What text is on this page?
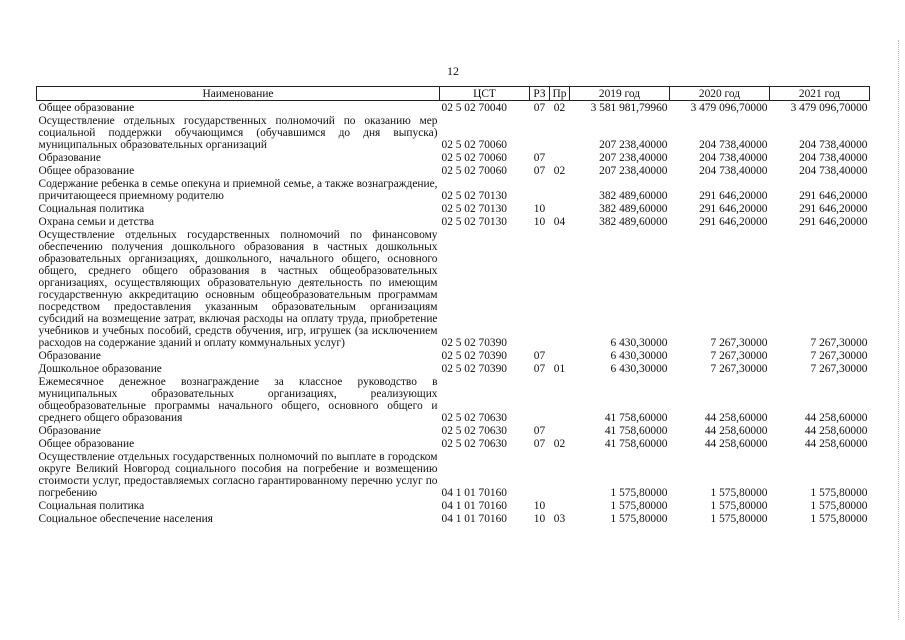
12
Наименование	ЦСТ	РЗ	Пр	2019 год	2020 год	2021 год
Общее образование	02 5 02 70040	07	02	3 581 981,79960	3 479 096,70000	3 479 096,70000
Осуществление отдельных государственных полномочий по оказанию мер социальной поддержки обучающимся (обучавшимся до дня выпуска) муниципальных образовательных организаций	02 5 02 70060			207 238,40000	204 738,40000	204 738,40000
Образование	02 5 02 70060	07		207 238,40000	204 738,40000	204 738,40000
Общее образование	02 5 02 70060	07	02	207 238,40000	204 738,40000	204 738,40000
Содержание ребенка в семье опекуна и приемной семье, а также вознаграждение, причитающееся приемному родителю	02 5 02 70130			382 489,60000	291 646,20000	291 646,20000
Социальная политика	02 5 02 70130	10		382 489,60000	291 646,20000	291 646,20000
Охрана семьи и детства	02 5 02 70130	10	04	382 489,60000	291 646,20000	291 646,20000
Осуществление отдельных государственных полномочий по финансовому обеспечению получения дошкольного образования в частных дошкольных образовательных организациях, дошкольного, начального общего, основного общего, среднего общего образования в частных общеобразовательных организациях, осуществляющих образовательную деятельность по имеющим государственную аккредитацию основным общеобразовательным программам посредством предоставления указанным образовательным организациям субсидий на возмещение затрат, включая расходы на оплату труда, приобретение учебников и учебных пособий, средств обучения, игр, игрушек (за исключением расходов на содержание зданий и оплату коммунальных услуг)	02 5 02 70390			6 430,30000	7 267,30000	7 267,30000
Образование	02 5 02 70390	07		6 430,30000	7 267,30000	7 267,30000
Дошкольное образование	02 5 02 70390	07	01	6 430,30000	7 267,30000	7 267,30000
Ежемесячное денежное вознаграждение за классное руководство в муниципальных образовательных организациях, реализующих общеобразовательные программы начального общего, основного общего и среднего общего образования	02 5 02 70630			41 758,60000	44 258,60000	44 258,60000
Образование	02 5 02 70630	07		41 758,60000	44 258,60000	44 258,60000
Общее образование	02 5 02 70630	07	02	41 758,60000	44 258,60000	44 258,60000
Осуществление отдельных государственных полномочий по выплате в городском округе Великий Новгород социального пособия на погребение и возмещению стоимости услуг, предоставляемых согласно гарантированному перечню услуг по погребению	04 1 01 70160			1 575,80000	1 575,80000	1 575,80000
Социальная политика	04 1 01 70160	10		1 575,80000	1 575,80000	1 575,80000
Социальное обеспечение населения	04 1 01 70160	10	03	1 575,80000	1 575,80000	1 575,80000
